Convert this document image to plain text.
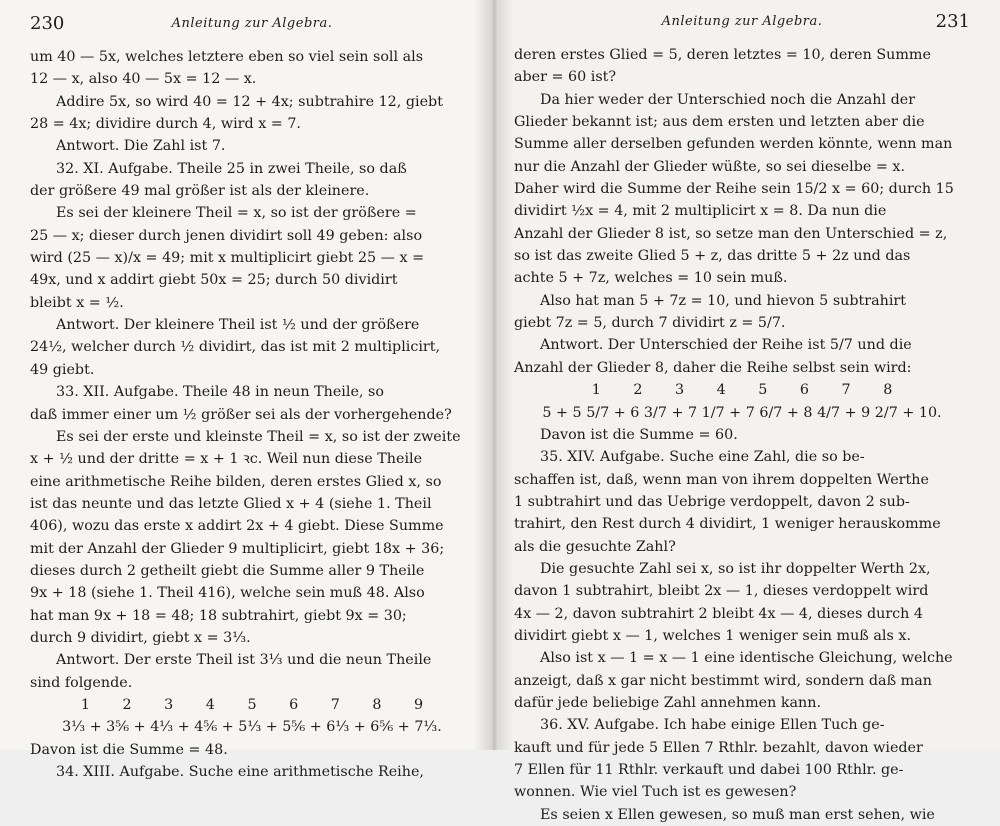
230	Anleitung zur Algebra.

um 40 — 5x, welches letztere eben so viel sein soll als

12 — x, also 40 — 5x = 12 — x.

Addire 5x, so wird 40 = 12 + 4x; subtrahire 12, giebt

28 = 4x; dividire durch 4, wird x = 7.

Antwort. Die Zahl ist 7.

32. XI. Aufgabe. Theile 25 in zwei Theile, so daß

der größere 49 mal größer ist als der kleinere.

Es sei der kleinere Theil = x, so ist der größere =

25 — x; dieser durch jenen dividirt soll 49 geben: also

wird (25 — x)/x = 49; mit x multiplicirt giebt 25 — x =

49x, und x addirt giebt 50x = 25; durch 50 dividirt

bleibt x = ½.

Antwort. Der kleinere Theil ist ½ und der größere

24½, welcher durch ½ dividirt, das ist mit 2 multiplicirt,

49 giebt.

33. XII. Aufgabe. Theile 48 in neun Theile, so

daß immer einer um ½ größer sei als der vorhergehende?

Es sei der erste und kleinste Theil = x, so ist der zweite

x + ½ und der dritte = x + 1 ꝛc. Weil nun diese Theile

eine arithmetische Reihe bilden, deren erstes Glied x, so

ist das neunte und das letzte Glied x + 4 (siehe 1. Theil

406), wozu das erste x addirt 2x + 4 giebt. Diese Summe

mit der Anzahl der Glieder 9 multiplicirt, giebt 18x + 36;

dieses durch 2 getheilt giebt die Summe aller 9 Theile

9x + 18 (siehe 1. Theil 416), welche sein muß 48. Also

hat man 9x + 18 = 48; 18 subtrahirt, giebt 9x = 30;

durch 9 dividirt, giebt x = 3⅓.

Antwort. Der erste Theil ist 3⅓ und die neun Theile

sind folgende.

1 2 3 4 5 6 7 8 9

3⅓ + 3⅚ + 4⅓ + 4⅚ + 5⅓ + 5⅚ + 6⅓ + 6⅚ + 7⅓.

Davon ist die Summe = 48.

34. XIII. Aufgabe. Suche eine arithmetische Reihe,

Anleitung zur Algebra.	231

deren erstes Glied = 5, deren letztes = 10, deren Summe

aber = 60 ist?

Da hier weder der Unterschied noch die Anzahl der

Glieder bekannt ist; aus dem ersten und letzten aber die

Summe aller derselben gefunden werden könnte, wenn man

nur die Anzahl der Glieder wüßte, so sei dieselbe = x.

Daher wird die Summe der Reihe sein 15/2 x = 60; durch 15

dividirt ½x = 4, mit 2 multiplicirt x = 8. Da nun die

Anzahl der Glieder 8 ist, so setze man den Unterschied = z,

so ist das zweite Glied 5 + z, das dritte 5 + 2z und das

achte 5 + 7z, welches = 10 sein muß.

Also hat man 5 + 7z = 10, und hievon 5 subtrahirt

giebt 7z = 5, durch 7 dividirt z = 5/7.

Antwort. Der Unterschied der Reihe ist 5/7 und die

Anzahl der Glieder 8, daher die Reihe selbst sein wird:

1 2 3 4 5 6 7 8

5 + 5 5/7 + 6 3/7 + 7 1/7 + 7 6/7 + 8 4/7 + 9 2/7 + 10.

Davon ist die Summe = 60.

35. XIV. Aufgabe. Suche eine Zahl, die so be-

schaffen ist, daß, wenn man von ihrem doppelten Werthe

1 subtrahirt und das Uebrige verdoppelt, davon 2 sub-

trahirt, den Rest durch 4 dividirt, 1 weniger herauskomme

als die gesuchte Zahl?

Die gesuchte Zahl sei x, so ist ihr doppelter Werth 2x,

davon 1 subtrahirt, bleibt 2x — 1, dieses verdoppelt wird

4x — 2, davon subtrahirt 2 bleibt 4x — 4, dieses durch 4

dividirt giebt x — 1, welches 1 weniger sein muß als x.

Also ist x — 1 = x — 1 eine identische Gleichung, welche

anzeigt, daß x gar nicht bestimmt wird, sondern daß man

dafür jede beliebige Zahl annehmen kann.

36. XV. Aufgabe. Ich habe einige Ellen Tuch ge-

kauft und für jede 5 Ellen 7 Rthlr. bezahlt, davon wieder

7 Ellen für 11 Rthlr. verkauft und dabei 100 Rthlr. ge-

wonnen. Wie viel Tuch ist es gewesen?

Es seien x Ellen gewesen, so muß man erst sehen, wie
